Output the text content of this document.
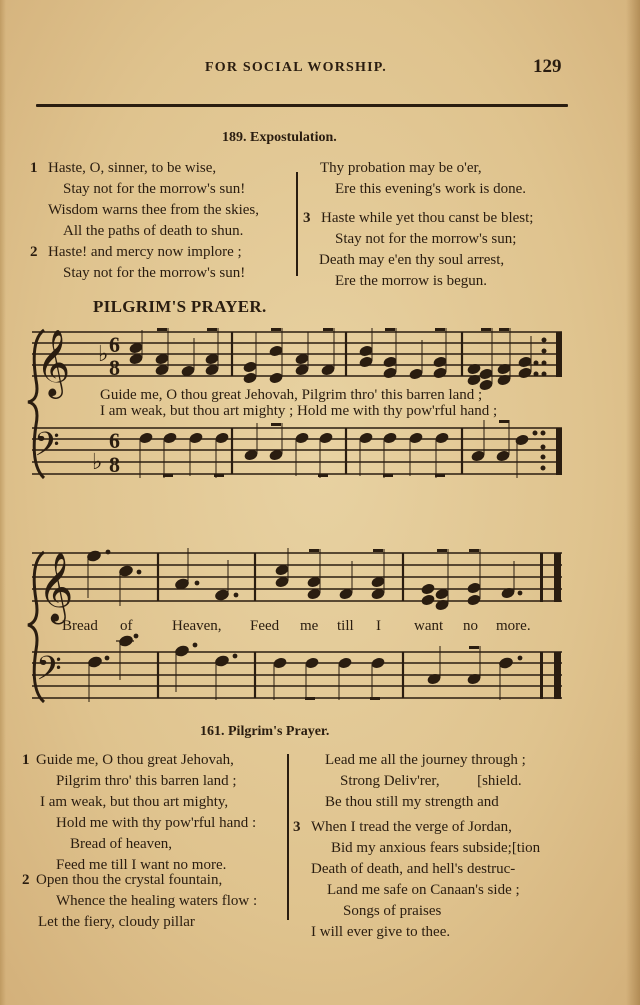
FOR SOCIAL WORSHIP.	129
189. Expostulation.
1 Haste, O, sinner, to be wise,
Stay not for the morrow's sun!
Wisdom warns thee from the skies,
All the paths of death to shun.
2 Haste! and mercy now implore ;
Stay not for the morrow's sun!
Thy probation may be o'er,
Ere this evening's work is done.
3 Haste while yet thou canst be blest;
Stay not for the morrow's sun;
Death may e'en thy soul arrest,
Ere the morrow is begun.
PILGRIM'S PRAYER.
𝄞
𝄢
♭
♭
6
8
6
8
𝄞
𝄢
Guide me, O thou great Jehovah, Pilgrim thro' this barren land ;
I am weak, but thou art mighty ; Hold me with thy pow'rful hand ;
Bread of	Heaven, Feed me till I want no more.
161. Pilgrim's Prayer.
1 Guide me, O thou great Jehovah,
Pilgrim thro' this barren land ;
I am weak, but thou art mighty,
Hold me with thy pow'rful hand :
Bread of heaven,
Feed me till I want no more.
2 Open thou the crystal fountain,
Whence the healing waters flow :
Let the fiery, cloudy pillar
Lead me all the journey through ;
Strong Deliv'rer,          [shield.
Be thou still my strength and
3 When I tread the verge of Jordan,
Bid my anxious fears subside;[tion
Death of death, and hell's destruc-
Land me safe on Canaan's side ;
Songs of praises
I will ever give to thee.
